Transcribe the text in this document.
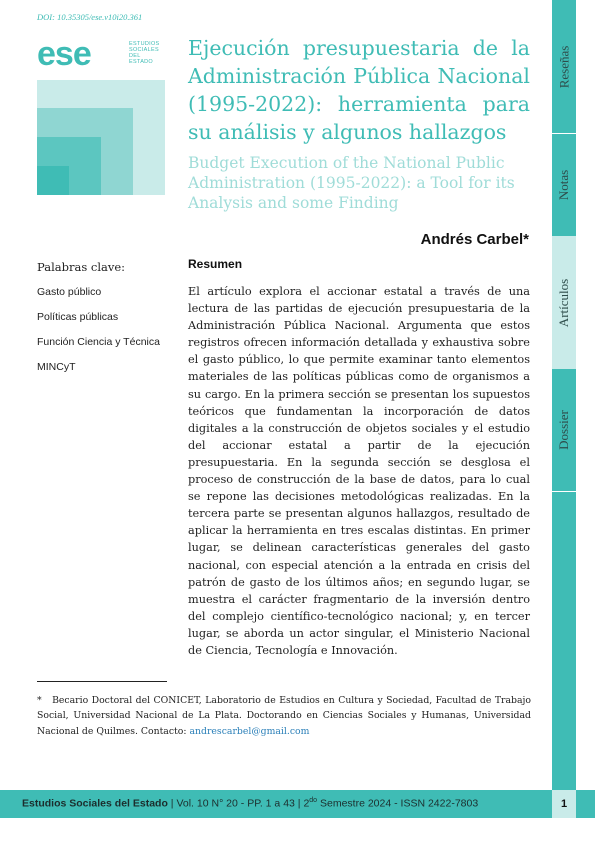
DOI: 10.35305/ese.v10i20.361
ese	ESTUDIOS
SOCIALES
DEL
ESTADO
Ejecución presupuestaria de la Administración Pública Nacional (1995-2022): herramienta para su análisis y algunos hallazgos
Budget Execution of the National Public Administration (1995-2022): a Tool for its Analysis and some Finding
Andrés Carbel*
Palabras clave:
Gasto público
Políticas públicas
Función Ciencia y Técnica
MINCyT
Resumen

El artículo explora el accionar estatal a través de una lectura de las partidas de ejecución presupuestaria de la Administración Pública Nacional. Argumenta que estos registros ofrecen información detallada y exhaustiva sobre el gasto público, lo que permite examinar tanto elementos materiales de las políticas públicas como de organismos a su cargo. En la primera sección se presentan los supuestos teóricos que fundamentan la incorporación de datos digitales a la construcción de objetos sociales y el estudio del accionar estatal a partir de la ejecución presupuestaria. En la segunda sección se desglosa el proceso de construcción de la base de datos, para lo cual se repone las decisiones metodológicas realizadas. En la tercera parte se presentan algunos hallazgos, resultado de aplicar la herramienta en tres escalas distintas. En primer lugar, se delinean características generales del gasto nacional, con especial atención a la entrada en crisis del patrón de gasto de los últimos años; en segundo lugar, se muestra el carácter fragmentario de la inversión dentro del complejo científico-tecnológico nacional; y, en tercer lugar, se aborda un actor singular, el Ministerio Nacional de Ciencia, Tecnología e Innovación.

* Becario Doctoral del CONICET, Laboratorio de Estudios en Cultura y Sociedad, Facultad de Trabajo Social, Universidad Nacional de La Plata. Doctorando en Ciencias Sociales y Humanas, Universidad Nacional de Quilmes. Contacto: andrescarbel@gmail.com

Reseñas
Notas
Artículos
Dossier
Estudios Sociales del Estado | Vol. 10 N° 20 - PP. 1 a 43 | $2^{do}$ Semestre 2024 - ISSN 2422-7803	1
